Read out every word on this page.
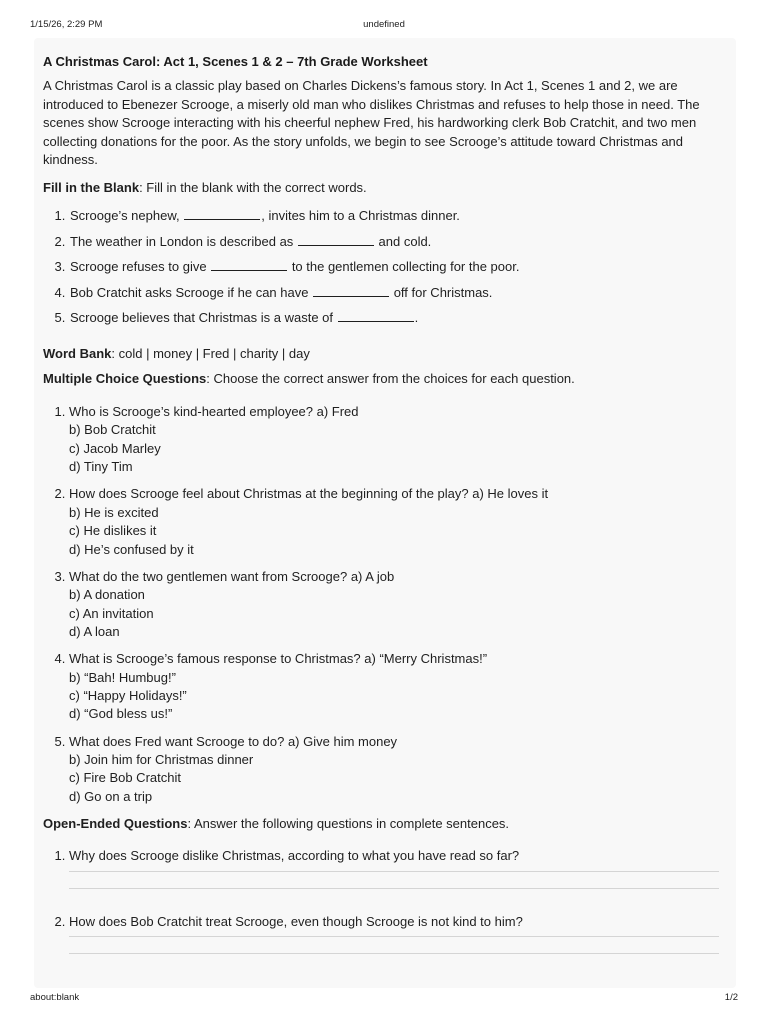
1/15/26, 2:29 PM	undefined
A Christmas Carol: Act 1, Scenes 1 & 2 – 7th Grade Worksheet

A Christmas Carol is a classic play based on Charles Dickens’s famous story. In Act 1, Scenes 1 and 2, we are introduced to Ebenezer Scrooge, a miserly old man who dislikes Christmas and refuses to help those in need. The scenes show Scrooge interacting with his cheerful nephew Fred, his hardworking clerk Bob Cratchit, and two men collecting donations for the poor. As the story unfolds, we begin to see Scrooge’s attitude toward Christmas and kindness.

Fill in the Blank: Fill in the blank with the correct words.

1. Scrooge’s nephew,	, invites him to a Christmas dinner.
2. The weather in London is described as	and cold.
3. Scrooge refuses to give	to the gentlemen collecting for the poor.
4. Bob Cratchit asks Scrooge if he can have	off for Christmas.
5. Scrooge believes that Christmas is a waste of	.

Word Bank: cold | money | Fred | charity | day

Multiple Choice Questions: Choose the correct answer from the choices for each question.

1. Who is Scrooge’s kind-hearted employee? a) Fred
b) Bob Cratchit
c) Jacob Marley
d) Tiny Tim
2. How does Scrooge feel about Christmas at the beginning of the play? a) He loves it
b) He is excited
c) He dislikes it
d) He’s confused by it
3. What do the two gentlemen want from Scrooge? a) A job
b) A donation
c) An invitation
d) A loan
4. What is Scrooge’s famous response to Christmas? a) “Merry Christmas!”
b) “Bah! Humbug!”
c) “Happy Holidays!”
d) “God bless us!”
5. What does Fred want Scrooge to do? a) Give him money
b) Join him for Christmas dinner
c) Fire Bob Cratchit
d) Go on a trip

Open-Ended Questions: Answer the following questions in complete sentences.

1. Why does Scrooge dislike Christmas, according to what you have read so far?
2. How does Bob Cratchit treat Scrooge, even though Scrooge is not kind to him?
about:blank	1/2
